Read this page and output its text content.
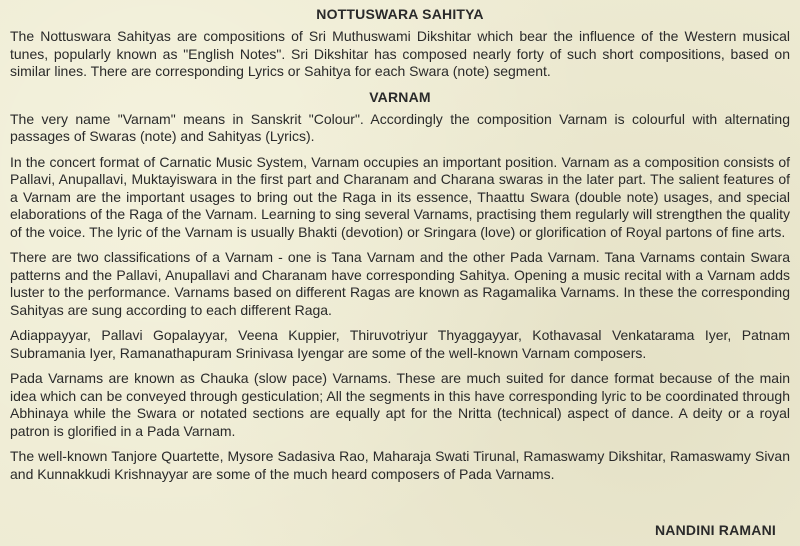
NOTTUSWARA SAHITYA

The Nottuswara Sahityas are compositions of Sri Muthuswami Dikshitar which bear the influence of the Western musical tunes, popularly known as "English Notes". Sri Dikshitar has composed nearly forty of such short compositions, based on similar lines. There are corresponding Lyrics or Sahitya for each Swara (note) segment.

VARNAM

The very name "Varnam" means in Sanskrit "Colour". Accordingly the composition Varnam is colourful with alternating passages of Swaras (note) and Sahityas (Lyrics).

In the concert format of Carnatic Music System, Varnam occupies an important position. Varnam as a composition consists of Pallavi, Anupallavi, Muktayiswara in the first part and Charanam and Charana swaras in the later part. The salient features of a Varnam are the important usages to bring out the Raga in its essence, Thaattu Swara (double note) usages, and special elaborations of the Raga of the Varnam. Learning to sing several Varnams, practising them regularly will strengthen the quality of the voice. The lyric of the Varnam is usually Bhakti (devotion) or Sringara (love) or glorification of Royal partons of fine arts.

There are two classifications of a Varnam - one is Tana Varnam and the other Pada Varnam. Tana Varnams contain Swara patterns and the Pallavi, Anupallavi and Charanam have corresponding Sahitya. Opening a music recital with a Varnam adds luster to the performance. Varnams based on different Ragas are known as Ragamalika Varnams. In these the corresponding Sahityas are sung according to each different Raga.

Adiappayyar, Pallavi Gopalayyar, Veena Kuppier, Thiruvotriyur Thyaggayyar, Kothavasal Venkatarama Iyer, Patnam Subramania Iyer, Ramanathapuram Srinivasa Iyengar are some of the well-known Varnam composers.

Pada Varnams are known as Chauka (slow pace) Varnams. These are much suited for dance format because of the main idea which can be conveyed through gesticulation; All the segments in this have corresponding lyric to be coordinated through Abhinaya while the Swara or notated sections are equally apt for the Nritta (technical) aspect of dance. A deity or a royal patron is glorified in a Pada Varnam.

The well-known Tanjore Quartette, Mysore Sadasiva Rao, Maharaja Swati Tirunal, Ramaswamy Dikshitar, Ramaswamy Sivan and Kunnakkudi Krishnayyar are some of the much heard composers of Pada Varnams.

NANDINI RAMANI
